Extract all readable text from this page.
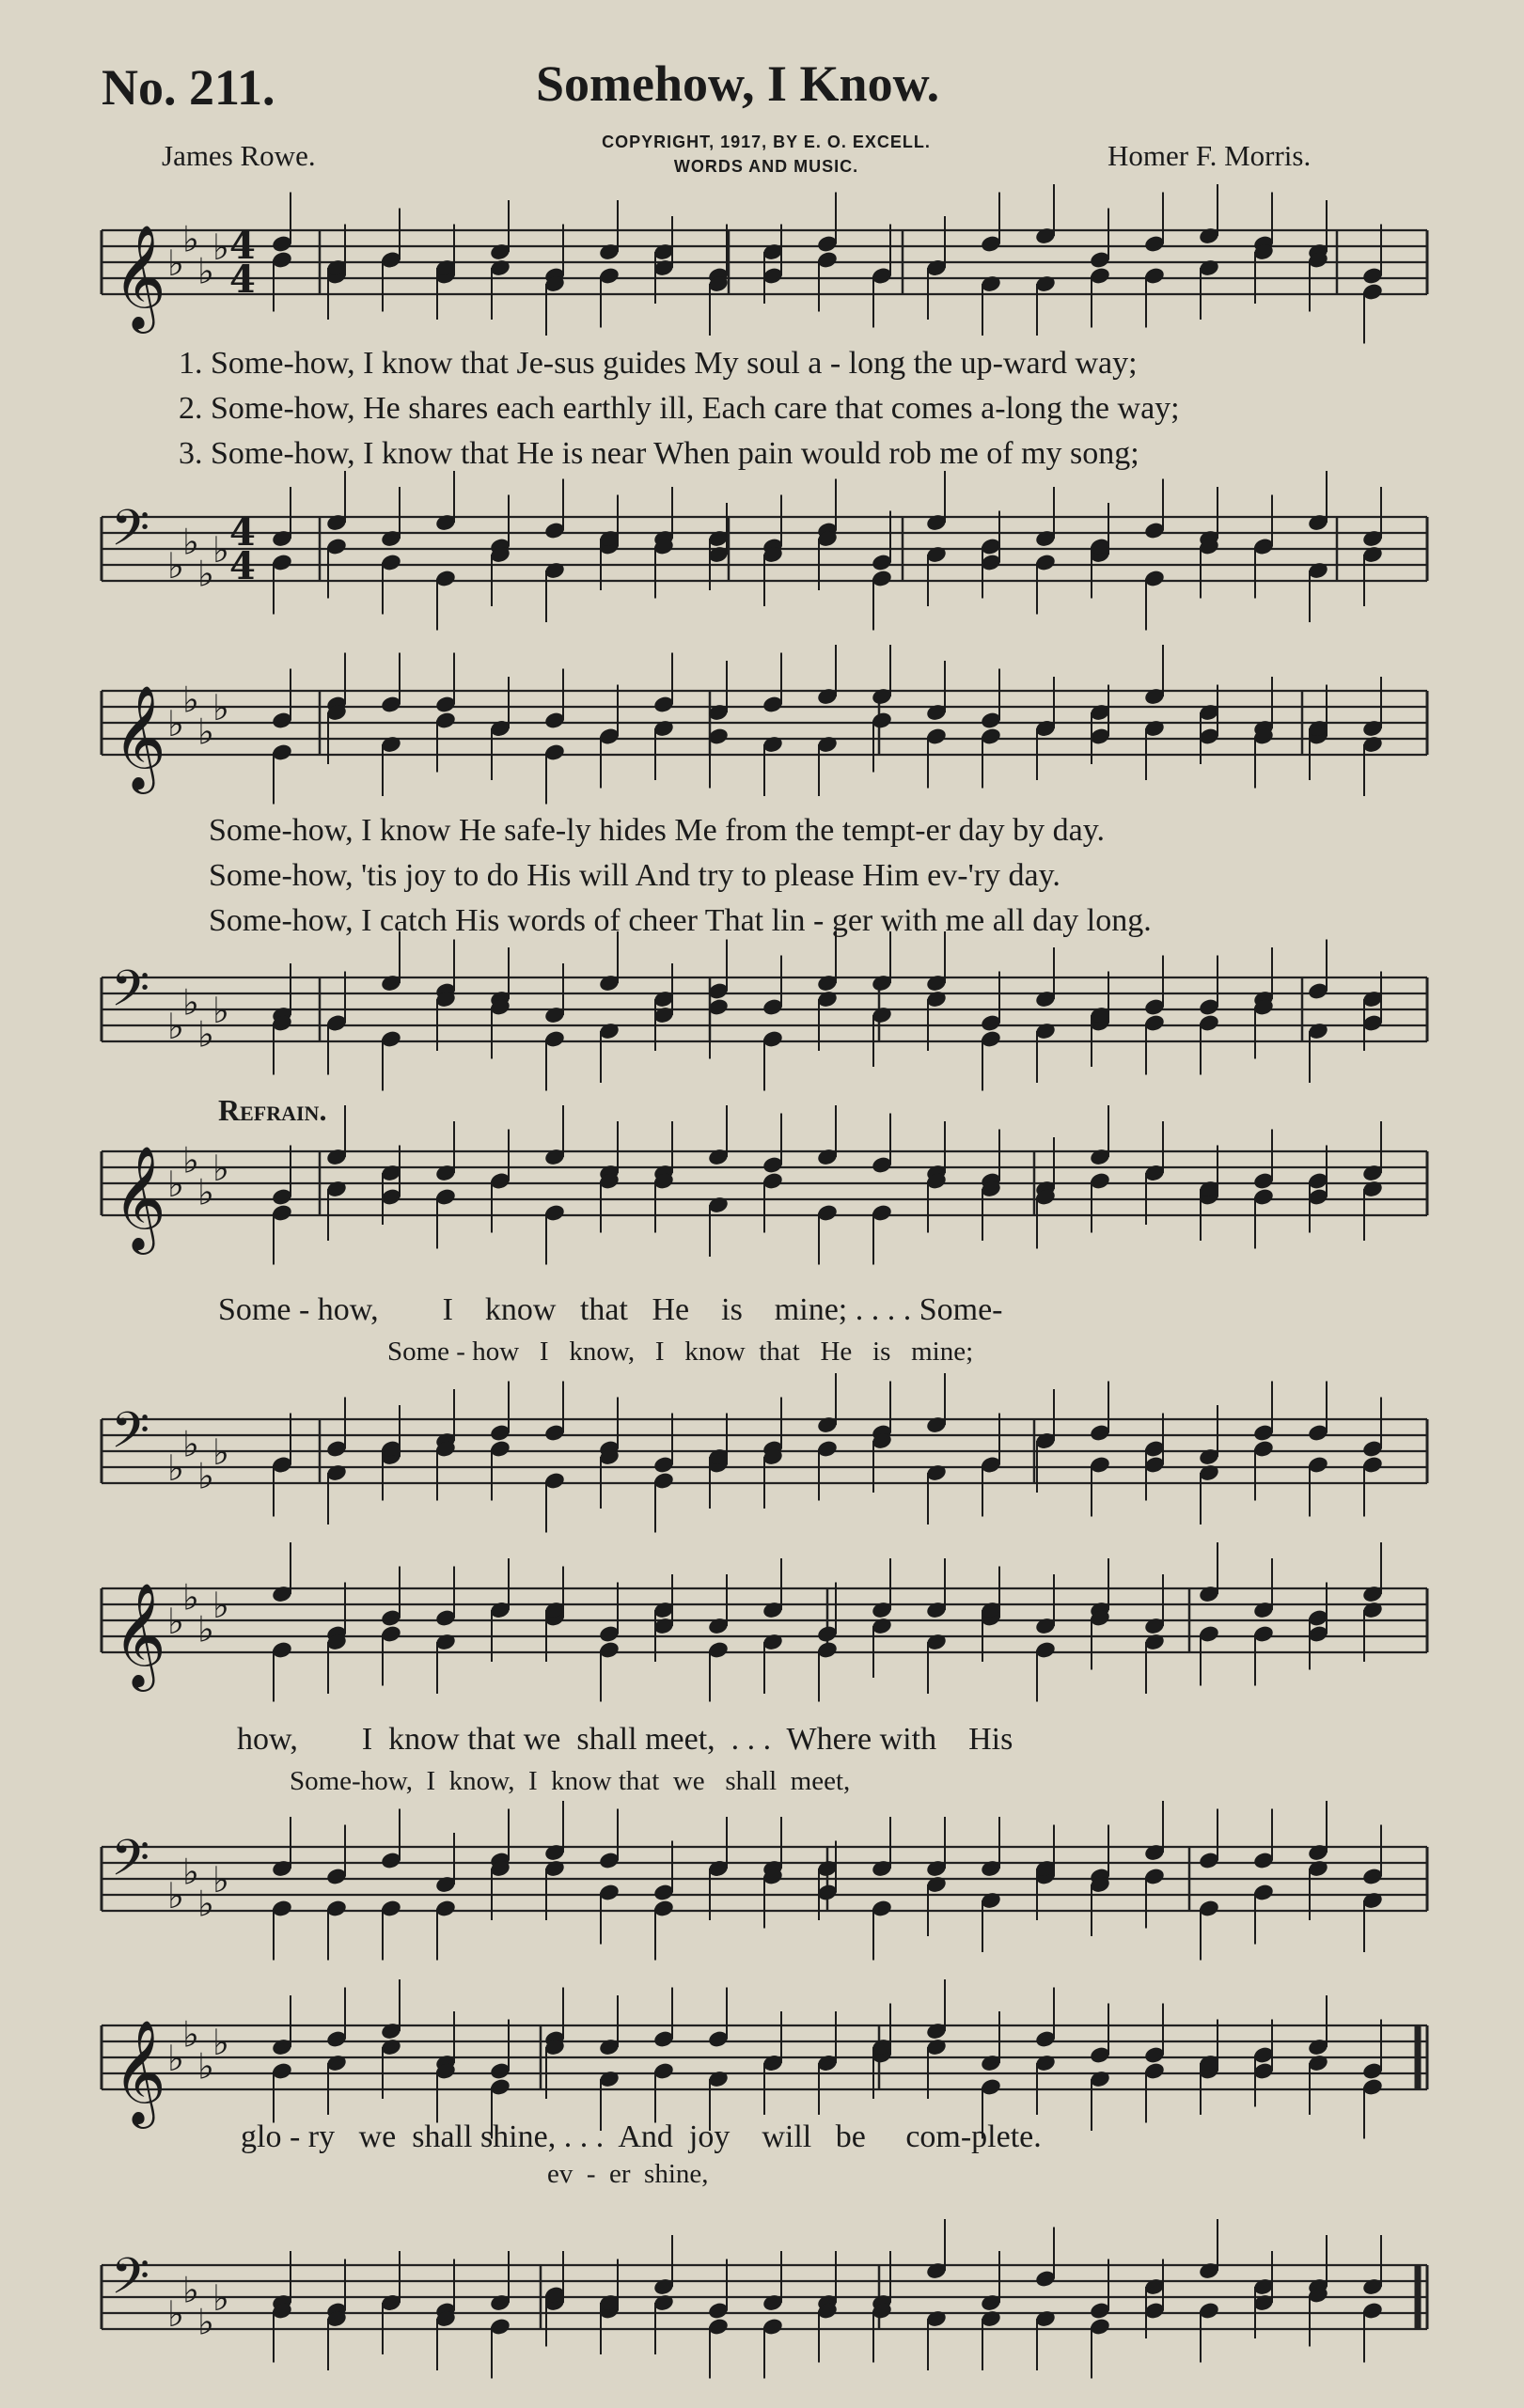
No. 211.	Somehow, I Know.
James Rowe.	COPYRIGHT, 1917, BY E. O. EXCELL.
WORDS AND MUSIC.	Homer F. Morris.
𝄞 ♭
♭
♭
♭ 4
4
𝄢 ♭
♭
♭
♭ 4
4
𝄞 ♭
♭
♭
♭
𝄢 ♭
♭
♭
♭
𝄞 ♭
♭
♭
♭
𝄢 ♭
♭
♭
♭
𝄞 ♭
♭
♭
♭
𝄢 ♭
♭
♭
♭
𝄞 ♭
♭
♭
♭
𝄢 ♭
♭
♭
♭
1. Some-how, I know that Je-sus guides My soul a - long the up-ward way;
2. Some-how, He shares each earthly ill, Each care that comes a-long the way;
3. Some-how, I know that He is near When pain would rob me of my song;
Some-how, I know He safe-ly hides Me from the tempt-er day by day.
Some-how, 'tis joy to do His will And try to please Him ev-'ry day.
Some-how, I catch His words of cheer That lin - ger with me all day long.
Refrain.
Some - how,        I    know   that   He    is    mine; . . . . Some-
Some - how   I   know,   I   know  that   He   is   mine;
how,        I  know that we  shall meet,  . . .  Where with    His
Some-how,  I  know,  I  know that  we   shall  meet,
glo - ry   we  shall shine, . . .  And  joy    will   be     com-plete.
ev  -  er  shine,
